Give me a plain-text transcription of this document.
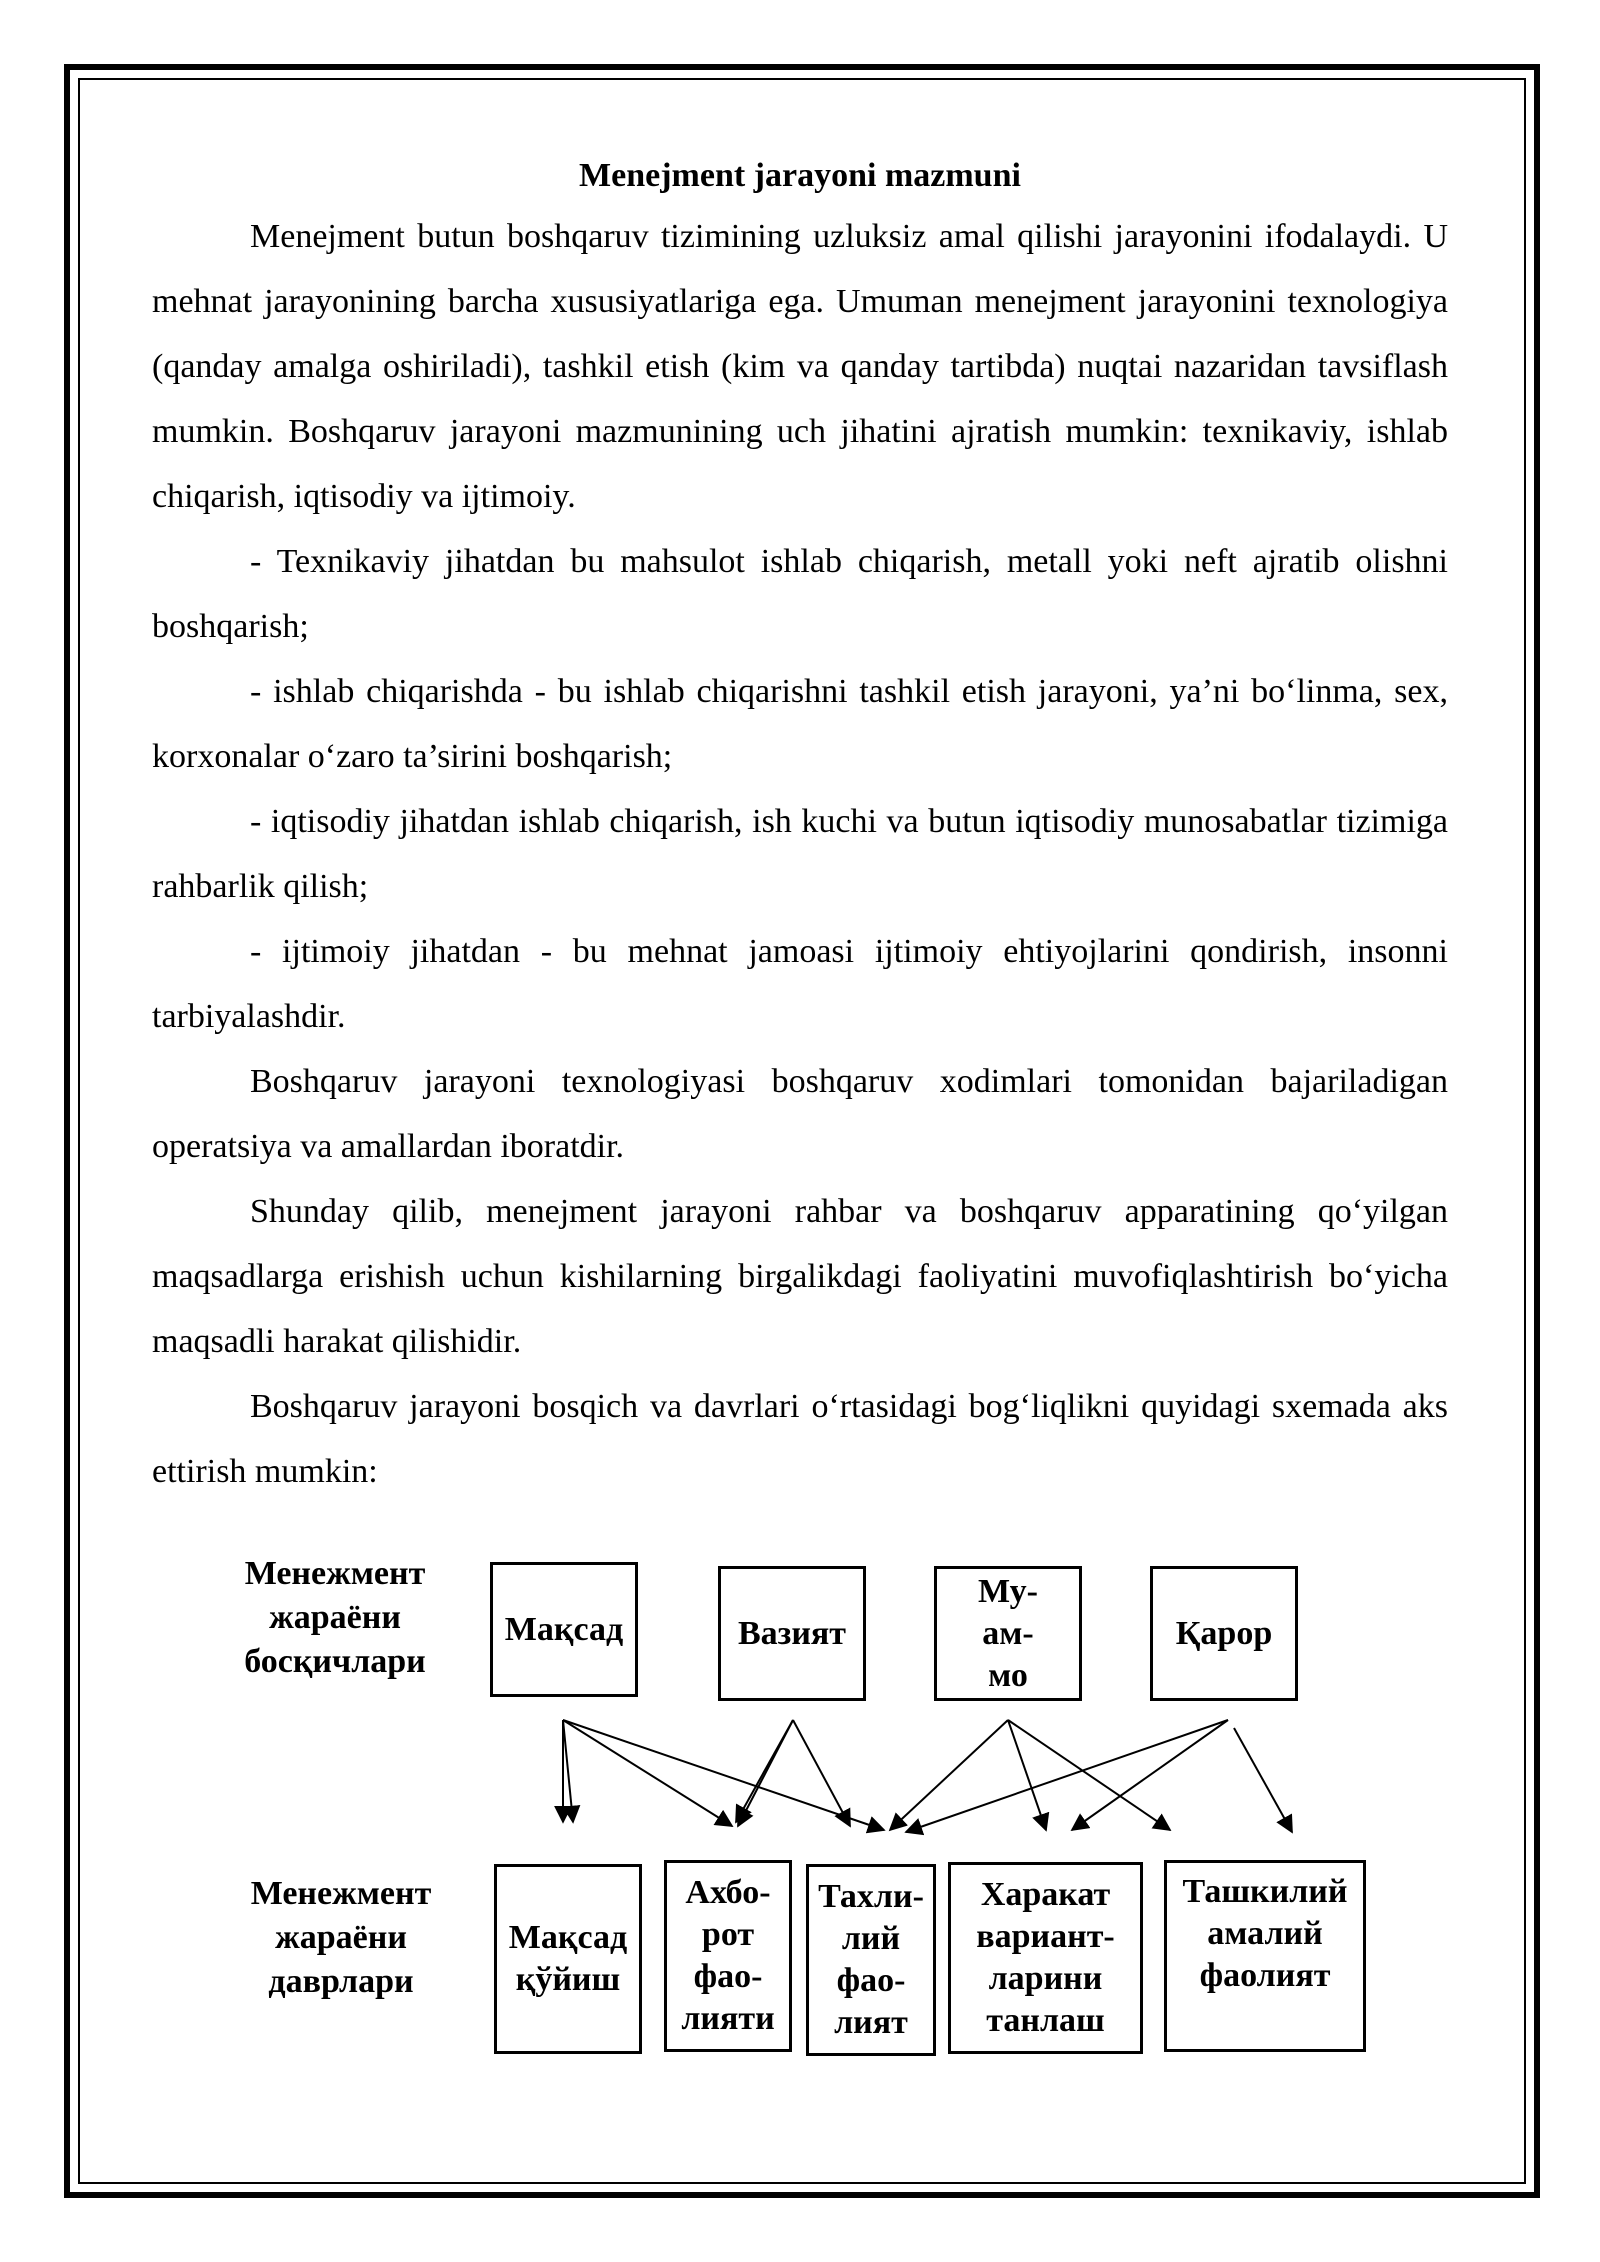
Menejment jarayoni mazmuni

Menejment butun boshqaruv tizimining uzluksiz amal qilishi jarayonini ifodalaydi. U mehnat jarayonining barcha xususiyatlariga ega. Umuman menejment jarayonini texnologiya (qanday amalga oshiriladi), tashkil etish (kim va qanday tartibda) nuqtai nazaridan tavsiflash mumkin. Boshqaruv jarayoni mazmunining uch jihatini ajratish mumkin: texnikaviy, ishlab chiqarish, iqtisodiy va ijtimoiy.

- Texnikaviy jihatdan bu mahsulot ishlab chiqarish, metall yoki neft ajratib olishni boshqarish;

- ishlab chiqarishda - bu ishlab chiqarishni tashkil etish jarayoni, ya’ni bo‘linma, sex, korxonalar o‘zaro ta’sirini boshqarish;

- iqtisodiy jihatdan ishlab chiqarish, ish kuchi va butun iqtisodiy munosabatlar tizimiga rahbarlik qilish;

- ijtimoiy jihatdan - bu mehnat jamoasi ijtimoiy ehtiyojlarini qondirish, insonni tarbiyalashdir.

Boshqaruv jarayoni texnologiyasi boshqaruv xodimlari tomonidan bajariladigan operatsiya va amallardan iboratdir.

Shunday qilib, menejment jarayoni rahbar va boshqaruv apparatining qo‘yilgan maqsadlarga erishish uchun kishilarning birgalikdagi faoliyatini muvofiqlashtirish bo‘yicha maqsadli harakat qilishidir.

Boshqaruv jarayoni bosqich va davrlari o‘rtasidagi bog‘liqlikni quyidagi sxemada aks ettirish mumkin:

Менежмент
жараёни
босқичлари
Мақсад	Вазият
Му-
ам-
мо
Қарор
Менежмент
жараёни
даврлари
Мақсад
қўйиш
Ахбо-
рот
фао-
лияти
Тахли-
лий
фао-
лият
Харакат
вариант-
ларини
танлаш
Ташкилий
амалий
фаолият
